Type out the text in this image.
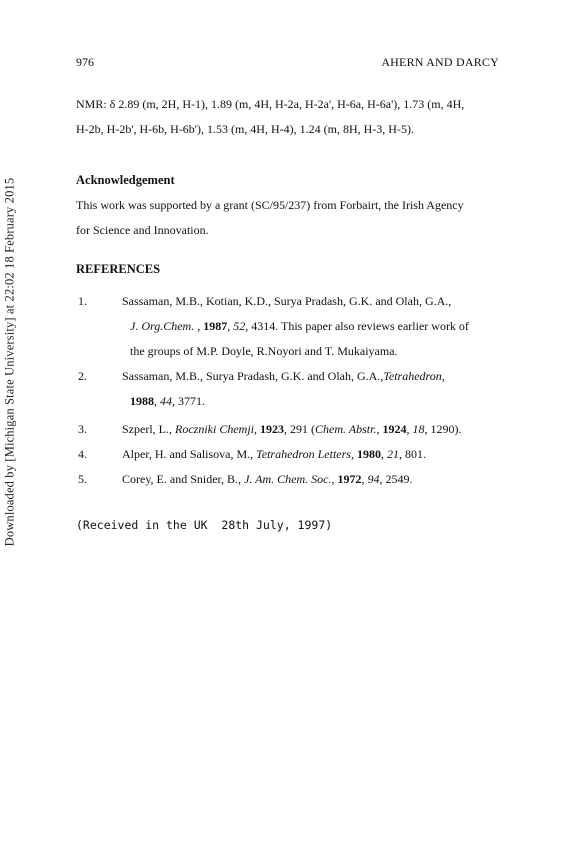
Downloaded by [Michigan State University] at 22:02 18 February 2015
976	AHERN AND DARCY
NMR: δ 2.89 (m, 2H, H-1), 1.89 (m, 4H, H-2a, H-2a', H-6a, H-6a'), 1.73 (m, 4H,
H-2b, H-2b', H-6b, H-6b'), 1.53 (m, 4H, H-4), 1.24 (m, 8H, H-3, H-5).
Acknowledgement
This work was supported by a grant (SC/95/237) from Forbairt, the Irish Agency
for Science and Innovation.
REFERENCES
1.	Sassaman, M.B., Kotian, K.D., Surya Pradash, G.K. and Olah, G.A.,
J. Org.Chem. , 1987, 52, 4314. This paper also reviews earlier work of
the groups of M.P. Doyle, R.Noyori and T. Mukaiyama.
2.	Sassaman, M.B., Surya Pradash, G.K. and Olah, G.A.,Tetrahedron,
1988, 44, 3771.
3.	Szperl, L., Roczniki Chemji, 1923, 291 (Chem. Abstr., 1924, 18, 1290).
4.	Alper, H. and Salisova, M., Tetrahedron Letters, 1980, 21, 801.
5.	Corey, E. and Snider, B., J. Am. Chem. Soc., 1972, 94, 2549.
(Received in the UK  28th July, 1997)
